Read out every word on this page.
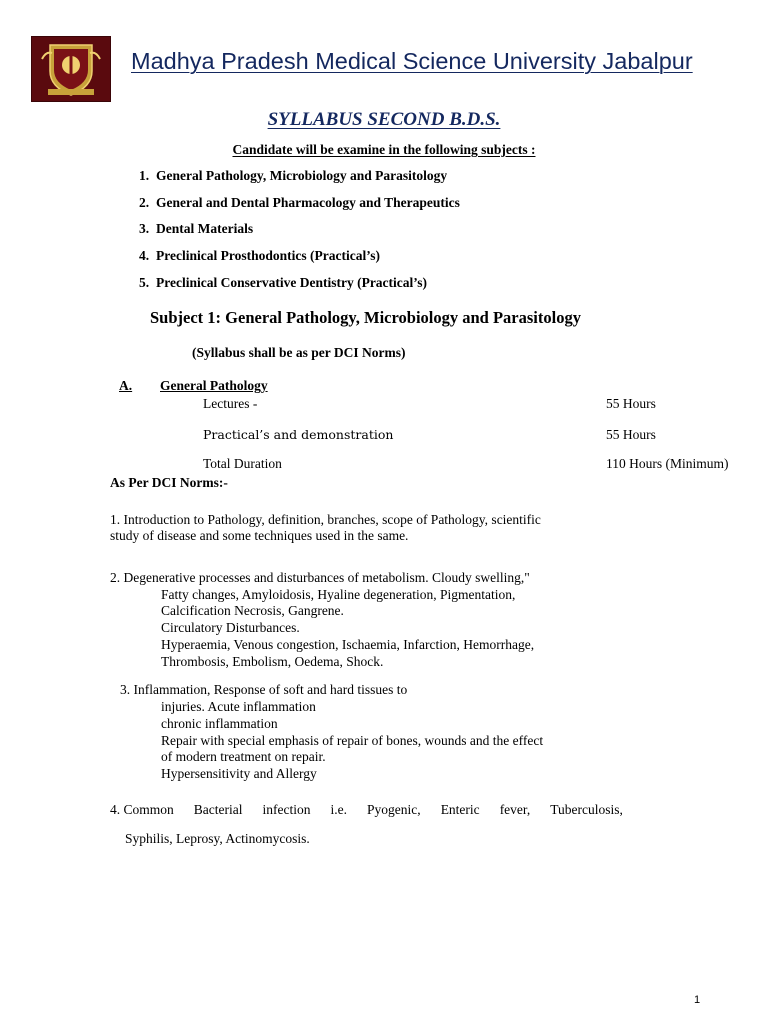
Madhya Pradesh Medical Science University Jabalpur
SYLLABUS SECOND B.D.S.
Candidate will be examine in the following subjects :
1. General Pathology, Microbiology and Parasitology
2. General and Dental Pharmacology and Therapeutics
3. Dental Materials
4. Preclinical Prosthodontics (Practical’s)
5. Preclinical Conservative Dentistry (Practical’s)
Subject 1: General Pathology, Microbiology and Parasitology
(Syllabus shall be as per DCI Norms)
A. General Pathology
Lectures -	55 Hours
Practical’s and demonstration	55 Hours
Total Duration	110 Hours (Minimum)
As Per DCI Norms:-
1. Introduction to Pathology, definition, branches, scope of Pathology, scientific
study of disease and some techniques used in the same.
2. Degenerative processes and disturbances of metabolism. Cloudy swelling,"
Fatty changes, Amyloidosis, Hyaline degeneration, Pigmentation,
Calcification Necrosis, Gangrene.
Circulatory Disturbances.
Hyperaemia, Venous congestion, Ischaemia, Infarction, Hemorrhage,
Thrombosis, Embolism, Oedema, Shock.
3. Inflammation, Response of soft and hard tissues to
injuries. Acute inflammation
chronic inflammation
Repair with special emphasis of repair of bones, wounds and the effect
of modern treatment on repair.
Hypersensitivity and Allergy
4. Common Bacterial infection i.e. Pyogenic, Enteric fever, Tuberculosis,
Syphilis, Leprosy, Actinomycosis.
1
